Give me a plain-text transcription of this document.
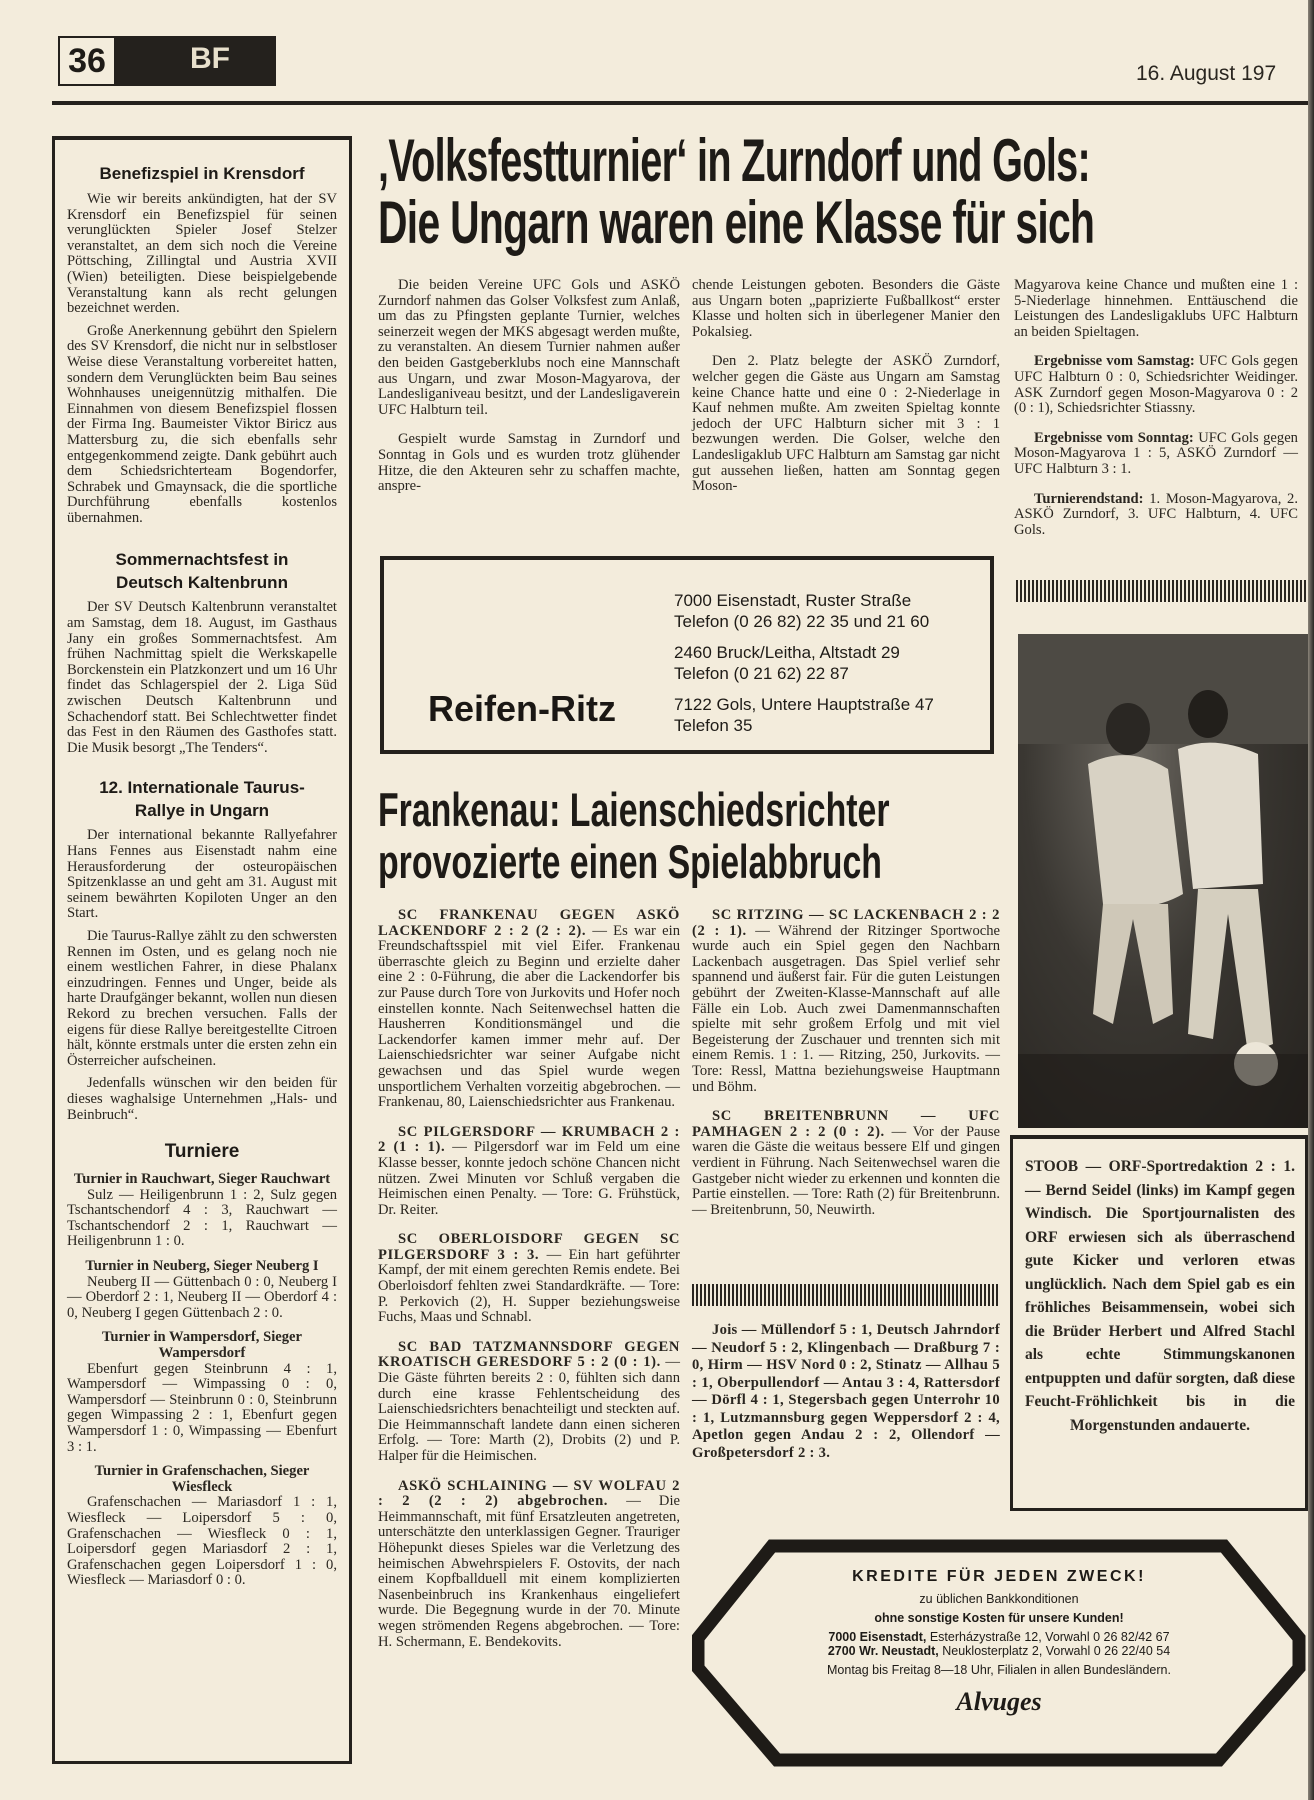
36	BF	16. August 197
Benefizspiel in Krensdorf

Wie wir bereits ankündigten, hat der SV Krensdorf ein Benefizspiel für seinen verunglückten Spieler Josef Stelzer veranstaltet, an dem sich noch die Vereine Pöttsching, Zillingtal und Austria XVII (Wien) beteiligten. Diese beispielgebende Veranstaltung kann als recht gelungen bezeichnet werden.

Große Anerkennung gebührt den Spielern des SV Krensdorf, die nicht nur in selbstloser Weise diese Veranstaltung vorbereitet hatten, sondern dem Verunglückten beim Bau seines Wohnhauses uneigennützig mithalfen. Die Einnahmen von diesem Benefizspiel flossen der Firma Ing. Baumeister Viktor Biricz aus Mattersburg zu, die sich ebenfalls sehr entgegenkommend zeigte. Dank gebührt auch dem Schiedsrichterteam Bogendorfer, Schrabek und Gmaynsack, die die sportliche Durchführung ebenfalls kostenlos übernahmen.

Sommernachtsfest in Deutsch Kaltenbrunn

Der SV Deutsch Kaltenbrunn veranstaltet am Samstag, dem 18. August, im Gasthaus Jany ein großes Sommernachtsfest. Am frühen Nachmittag spielt die Werkskapelle Borckenstein ein Platzkonzert und um 16 Uhr findet das Schlagerspiel der 2. Liga Süd zwischen Deutsch Kaltenbrunn und Schachendorf statt. Bei Schlechtwetter findet das Fest in den Räumen des Gasthofes statt. Die Musik besorgt „The Tenders“.

12. Internationale Taurus-Rallye in Ungarn

Der international bekannte Rallyefahrer Hans Fennes aus Eisenstadt nahm eine Herausforderung der osteuropäischen Spitzenklasse an und geht am 31. August mit seinem bewährten Kopiloten Unger an den Start.

Die Taurus-Rallye zählt zu den schwersten Rennen im Osten, und es gelang noch nie einem westlichen Fahrer, in diese Phalanx einzudringen. Fennes und Unger, beide als harte Draufgänger bekannt, wollen nun diesen Rekord zu brechen versuchen. Falls der eigens für diese Rallye bereitgestellte Citroen hält, könnte erstmals unter die ersten zehn ein Österreicher aufscheinen.

Jedenfalls wünschen wir den beiden für dieses waghalsige Unternehmen „Hals- und Beinbruch“.

Turniere
Turnier in Rauchwart, Sieger Rauchwart

Sulz — Heiligenbrunn 1 : 2, Sulz gegen Tschantschendorf 4 : 3, Rauchwart — Tschantschendorf 2 : 1, Rauchwart — Heiligenbrunn 1 : 0.

Turnier in Neuberg, Sieger Neuberg I

Neuberg II — Güttenbach 0 : 0, Neuberg I — Oberdorf 2 : 1, Neuberg II — Oberdorf 4 : 0, Neuberg I gegen Güttenbach 2 : 0.

Turnier in Wampersdorf, Sieger Wampersdorf

Ebenfurt gegen Steinbrunn 4 : 1, Wampersdorf — Wimpassing 0 : 0, Wampersdorf — Steinbrunn 0 : 0, Steinbrunn gegen Wimpassing 2 : 1, Ebenfurt gegen Wampersdorf 1 : 0, Wimpassing — Ebenfurt 3 : 1.

Turnier in Grafenschachen, Sieger Wiesfleck

Grafenschachen — Mariasdorf 1 : 1, Wiesfleck — Loipersdorf 5 : 0, Grafenschachen — Wiesfleck 0 : 1, Loipersdorf gegen Mariasdorf 2 : 1, Grafenschachen gegen Loipersdorf 1 : 0, Wiesfleck — Mariasdorf 0 : 0.

‚Volksfestturnier‘ in Zurndorf und Gols:
Die Ungarn waren eine Klasse für sich

Die beiden Vereine UFC Gols und ASKÖ Zurndorf nahmen das Golser Volksfest zum Anlaß, um das zu Pfingsten geplante Turnier, welches seinerzeit wegen der MKS abgesagt werden mußte, zu veranstalten. An diesem Turnier nahmen außer den beiden Gastgeberklubs noch eine Mannschaft aus Ungarn, und zwar Moson-Magyarova, der Landesliganiveau besitzt, und der Landesligaverein UFC Halbturn teil.

Gespielt wurde Samstag in Zurndorf und Sonntag in Gols und es wurden trotz glühender Hitze, die den Akteuren sehr zu schaffen machte, anspre-

chende Leistungen geboten. Besonders die Gäste aus Ungarn boten „paprizierte Fußballkost“ erster Klasse und holten sich in überlegener Manier den Pokalsieg.

Den 2. Platz belegte der ASKÖ Zurndorf, welcher gegen die Gäste aus Ungarn am Samstag keine Chance hatte und eine 0 : 2-Niederlage in Kauf nehmen mußte. Am zweiten Spieltag konnte jedoch der UFC Halbturn sicher mit 3 : 1 bezwungen werden. Die Golser, welche den Landesligaklub UFC Halbturn am Samstag gar nicht gut aussehen ließen, hatten am Sonntag gegen Moson-

Magyarova keine Chance und mußten eine 1 : 5-Niederlage hinnehmen. Enttäuschend die Leistungen des Landesligaklubs UFC Halbturn an beiden Spieltagen.

Ergebnisse vom Samstag: UFC Gols gegen UFC Halbturn 0 : 0, Schiedsrichter Weidinger. ASK Zurndorf gegen Moson-Magyarova 0 : 2 (0 : 1), Schiedsrichter Stiassny.

Ergebnisse vom Sonntag: UFC Gols gegen Moson-Magyarova 1 : 5, ASKÖ Zurndorf — UFC Halbturn 3 : 1.

Turnierendstand: 1. Moson-Magyarova, 2. ASKÖ Zurndorf, 3. UFC Halbturn, 4. UFC Gols.

Reifen-Ritz
7000 Eisenstadt, Ruster Straße
Telefon (0 26 82) 22 35 und 21 60
2460 Bruck/Leitha, Altstadt 29
Telefon (0 21 62) 22 87
7122 Gols, Untere Hauptstraße 47
Telefon 35
Frankenau: Laienschiedsrichter
provozierte einen Spielabbruch

SC FRANKENAU GEGEN ASKÖ LACKENDORF 2 : 2 (2 : 2). — Es war ein Freundschaftsspiel mit viel Eifer. Frankenau überraschte gleich zu Beginn und erzielte daher eine 2 : 0-Führung, die aber die Lackendorfer bis zur Pause durch Tore von Jurkovits und Hofer noch einstellen konnte. Nach Seitenwechsel hatten die Hausherren Konditionsmängel und die Lackendorfer kamen immer mehr auf. Der Laienschiedsrichter war seiner Aufgabe nicht gewachsen und das Spiel wurde wegen unsportlichem Verhalten vorzeitig abgebrochen. — Frankenau, 80, Laienschiedsrichter aus Frankenau.

SC PILGERSDORF — KRUMBACH 2 : 2 (1 : 1). — Pilgersdorf war im Feld um eine Klasse besser, konnte jedoch schöne Chancen nicht nützen. Zwei Minuten vor Schluß vergaben die Heimischen einen Penalty. — Tore: G. Frühstück, Dr. Reiter.

SC OBERLOISDORF GEGEN SC PILGERSDORF 3 : 3. — Ein hart geführter Kampf, der mit einem gerechten Remis endete. Bei Oberloisdorf fehlten zwei Standardkräfte. — Tore: P. Perkovich (2), H. Supper beziehungsweise Fuchs, Maas und Schnabl.

SC BAD TATZMANNSDORF GEGEN KROATISCH GERESDORF 5 : 2 (0 : 1). — Die Gäste führten bereits 2 : 0, fühlten sich dann durch eine krasse Fehlentscheidung des Laienschiedsrichters benachteiligt und steckten auf. Die Heimmannschaft landete dann einen sicheren Erfolg. — Tore: Marth (2), Drobits (2) und P. Halper für die Heimischen.

ASKÖ SCHLAINING — SV WOLFAU 2 : 2 (2 : 2) abgebrochen. — Die Heimmannschaft, mit fünf Ersatzleuten angetreten, unterschätzte den unterklassigen Gegner. Trauriger Höhepunkt dieses Spieles war die Verletzung des heimischen Abwehrspielers F. Ostovits, der nach einem Kopfballduell mit einem komplizierten Nasenbeinbruch ins Krankenhaus eingeliefert wurde. Die Begegnung wurde in der 70. Minute wegen strömenden Regens abgebrochen. — Tore: H. Schermann, E. Bendekovits.

SC RITZING — SC LACKENBACH 2 : 2 (2 : 1). — Während der Ritzinger Sportwoche wurde auch ein Spiel gegen den Nachbarn Lackenbach ausgetragen. Das Spiel verlief sehr spannend und äußerst fair. Für die guten Leistungen gebührt der Zweiten-Klasse-Mannschaft auf alle Fälle ein Lob. Auch zwei Damenmannschaften spielte mit sehr großem Erfolg und mit viel Begeisterung der Zuschauer und trennten sich mit einem Remis. 1 : 1. — Ritzing, 250, Jurkovits. — Tore: Ressl, Mattna beziehungsweise Hauptmann und Böhm.

SC BREITENBRUNN — UFC PAMHAGEN 2 : 2 (0 : 2). — Vor der Pause waren die Gäste die weitaus bessere Elf und gingen verdient in Führung. Nach Seitenwechsel waren die Gastgeber nicht wieder zu erkennen und konnten die Partie einstellen. — Tore: Rath (2) für Breitenbrunn. — Breitenbrunn, 50, Neuwirth.

Jois — Müllendorf 5 : 1, Deutsch Jahrndorf — Neudorf 5 : 2, Klingenbach — Draßburg 7 : 0, Hirm — HSV Nord 0 : 2, Stinatz — Allhau 5 : 1, Oberpullendorf — Antau 3 : 4, Rattersdorf — Dörfl 4 : 1, Stegersbach gegen Unterrohr 10 : 1, Lutzmannsburg gegen Weppersdorf 2 : 4, Apetlon gegen Andau 2 : 2, Ollendorf — Großpetersdorf 2 : 3.

STOOB — ORF-Sportredaktion 2 : 1. — Bernd Seidel (links) im Kampf gegen Windisch. Die Sportjournalisten des ORF erwiesen sich als überraschend gute Kicker und verloren etwas unglücklich. Nach dem Spiel gab es ein fröhliches Beisammensein, wobei sich die Brüder Herbert und Alfred Stachl als echte Stimmungskanonen entpuppten und dafür sorgten, daß diese Feucht-Fröhlichkeit bis in die Morgenstunden andauerte.

KREDITE FÜR JEDEN ZWECK!
zu üblichen Bankkonditionen
ohne sonstige Kosten für unsere Kunden!
7000 Eisenstadt, Esterházystraße 12, Vorwahl 0 26 82/42 67
2700 Wr. Neustadt, Neuklosterplatz 2, Vorwahl 0 26 22/40 54
Montag bis Freitag 8—18 Uhr, Filialen in allen Bundesländern.
Alvuges
